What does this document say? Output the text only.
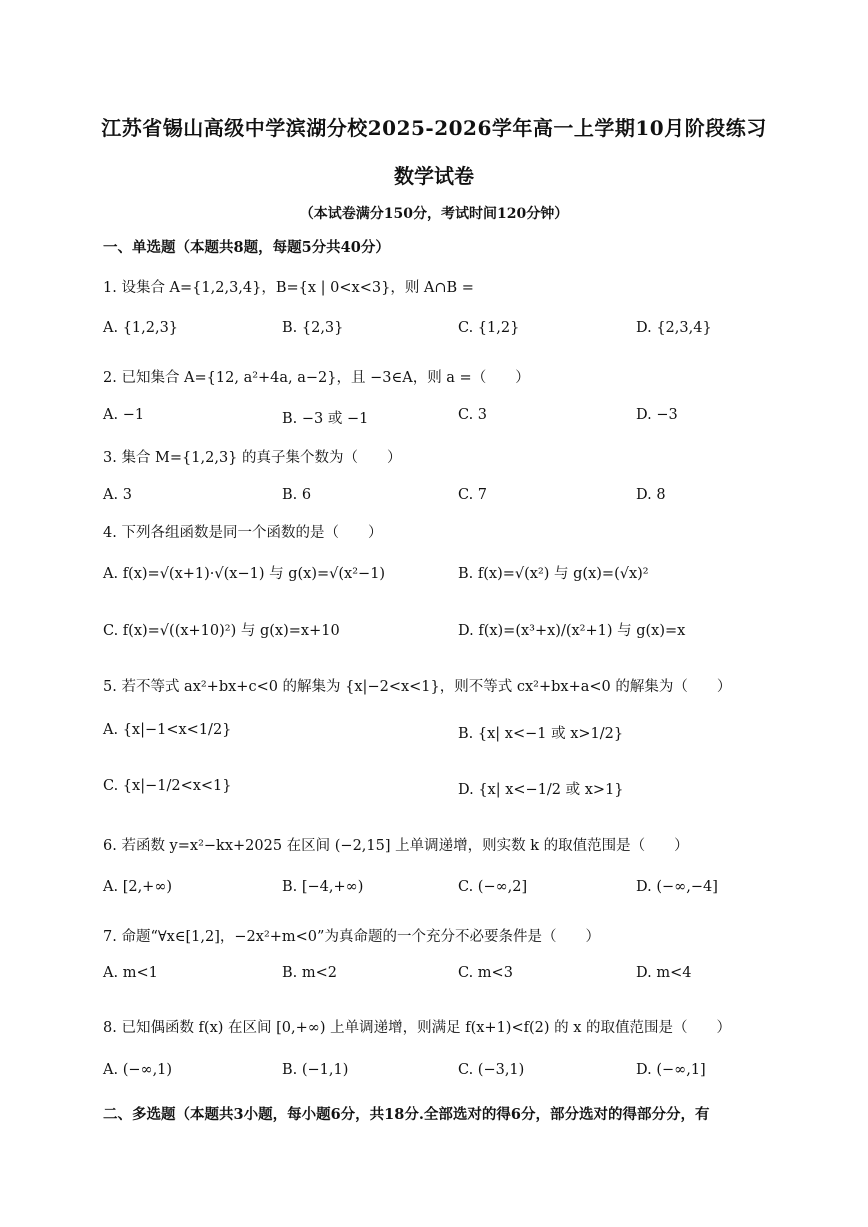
江苏省锡山高级中学滨湖分校2025-2026学年高一上学期10月阶段练习
数学试卷
（本试卷满分150分，考试时间120分钟）
一、单选题（本题共8题，每题5分共40分）
1. 设集合 A={1,2,3,4}，B={x | 0<x<3}，则 A∩B =
A. {1,2,3}	B. {2,3}	C. {1,2}	D. {2,3,4}
2. 已知集合 A={12, a²+4a, a−2}，且 −3∈A，则 a =（　　）
A. −1	B. −3 或 −1	C. 3	D. −3
3. 集合 M={1,2,3} 的真子集个数为（　　）
A. 3	B. 6	C. 7	D. 8
4. 下列各组函数是同一个函数的是（　　）
A. f(x)=√(x+1)·√(x−1) 与 g(x)=√(x²−1)	B. f(x)=√(x²) 与 g(x)=(√x)²
C. f(x)=√((x+10)²) 与 g(x)=x+10	D. f(x)=(x³+x)/(x²+1) 与 g(x)=x
5. 若不等式 ax²+bx+c<0 的解集为 {x|−2<x<1}，则不等式 cx²+bx+a<0 的解集为（　　）
A. {x|−1<x<1/2}	B. {x| x<−1 或 x>1/2}
C. {x|−1/2<x<1}	D. {x| x<−1/2 或 x>1}
6. 若函数 y=x²−kx+2025 在区间 (−2,15] 上单调递增，则实数 k 的取值范围是（　　）
A. [2,+∞)	B. [−4,+∞)	C. (−∞,2]	D. (−∞,−4]
7. 命题“∀x∈[1,2]，−2x²+m<0”为真命题的一个充分不必要条件是（　　）
A. m<1	B. m<2	C. m<3	D. m<4
8. 已知偶函数 f(x) 在区间 [0,+∞) 上单调递增，则满足 f(x+1)<f(2) 的 x 的取值范围是（　　）
A. (−∞,1)	B. (−1,1)	C. (−3,1)	D. (−∞,1]
二、多选题（本题共3小题，每小题6分，共18分.全部选对的得6分，部分选对的得部分分，有
